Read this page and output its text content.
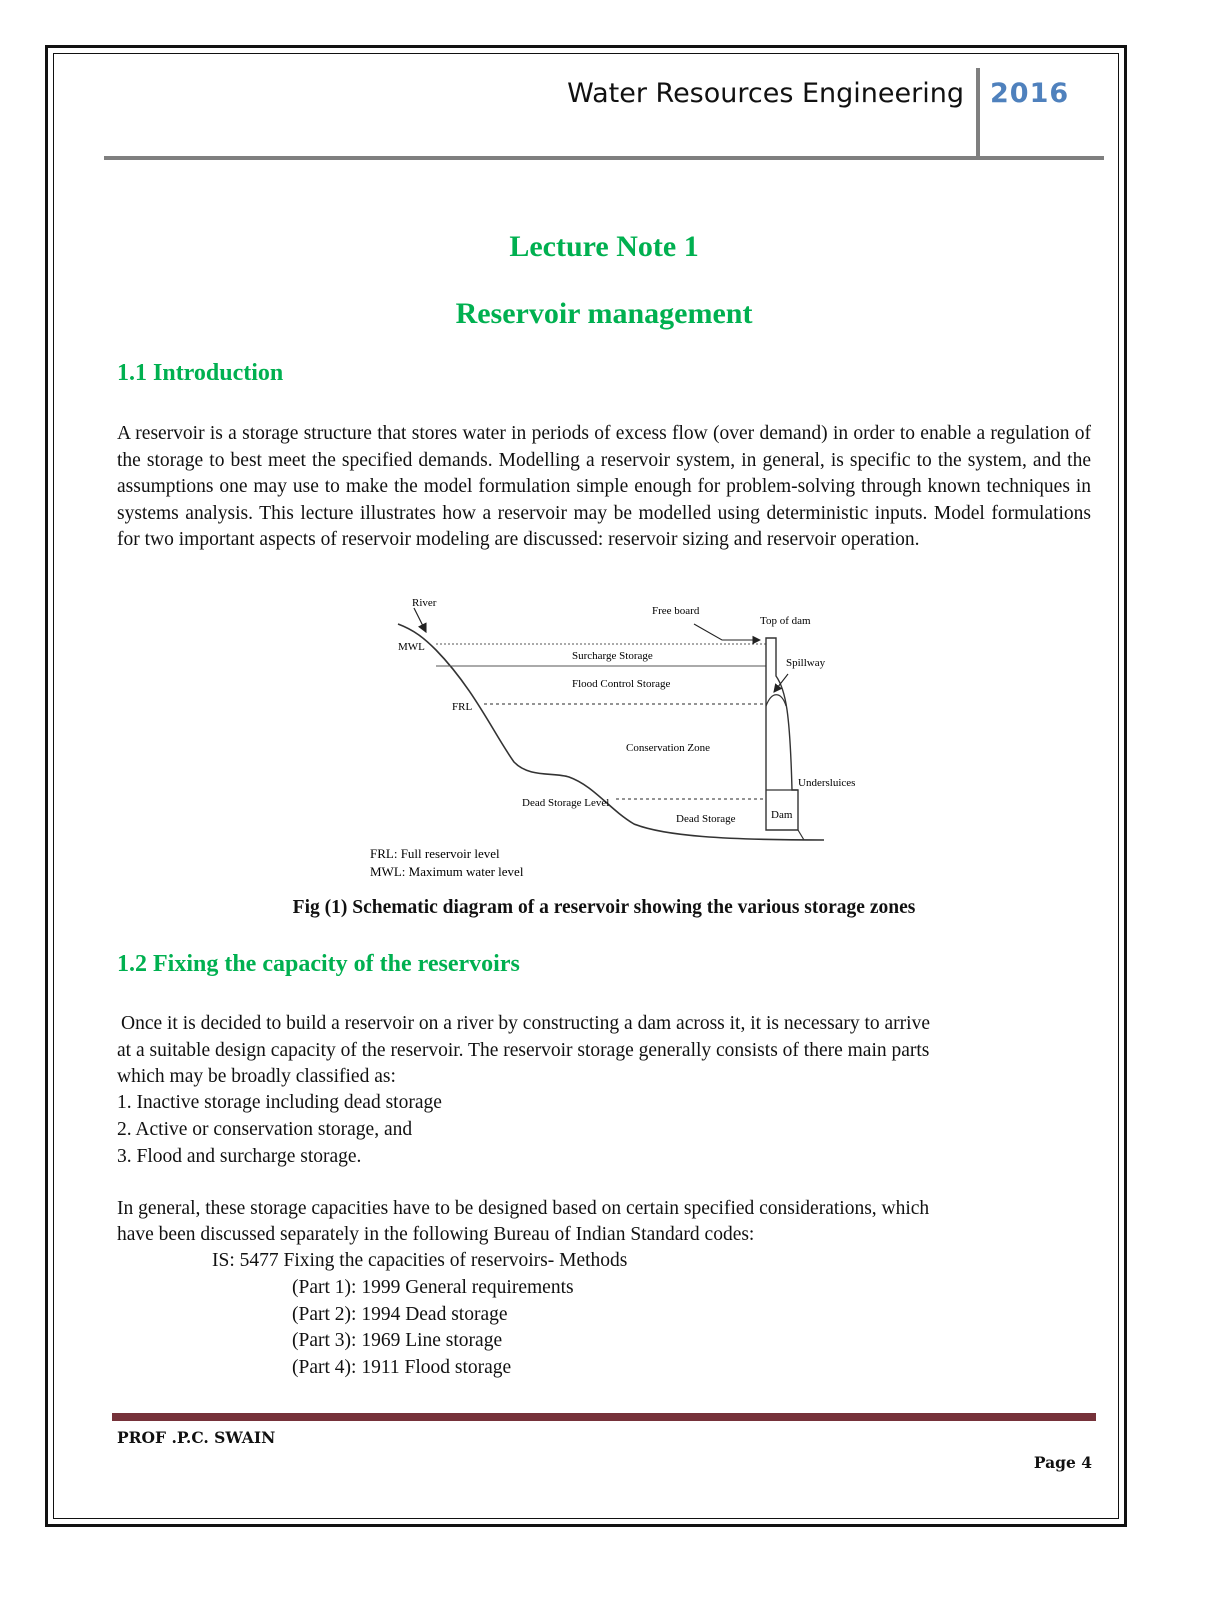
Water Resources Engineering 2016
Lecture Note 1
Reservoir management
1.1 Introduction

A reservoir is a storage structure that stores water in periods of excess flow (over demand) in order to enable a regulation of the storage to best meet the specified demands. Modelling a reservoir system, in general, is specific to the system, and the assumptions one may use to make the model formulation simple enough for problem-solving through known techniques in systems analysis. This lecture illustrates how a reservoir may be modelled using deterministic inputs. Model formulations for two important aspects of reservoir modeling are discussed: reservoir sizing and reservoir operation.

River
MWL
FRL
Free board
Top of dam
Spillway
Surcharge Storage
Flood Control Storage
Conservation Zone
Undersluices
Dead Storage Level
Dead Storage	Dam
FRL: Full reservoir level
MWL: Maximum water level
Fig (1) Schematic diagram of a reservoir showing the various storage zones
1.2 Fixing the capacity of the reservoirs
Once it is decided to build a reservoir on a river by constructing a dam across it, it is necessary to arrive
at a suitable design capacity of the reservoir. The reservoir storage generally consists of there main parts
which may be broadly classified as:
1. Inactive storage including dead storage
2. Active or conservation storage, and
3. Flood and surcharge storage.
In general, these storage capacities have to be designed based on certain specified considerations, which
have been discussed separately in the following Bureau of Indian Standard codes:
IS: 5477 Fixing the capacities of reservoirs- Methods
(Part 1): 1999 General requirements
(Part 2): 1994 Dead storage
(Part 3): 1969 Line storage
(Part 4): 1911 Flood storage
PROF .P.C. SWAIN
Page 4
